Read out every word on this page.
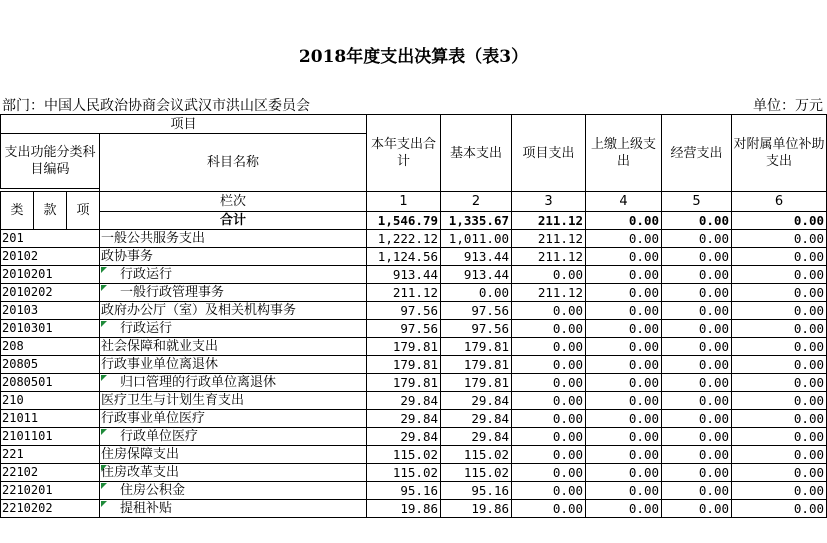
2018年度支出决算表（表3）
部门：中国人民政治协商会议武汉市洪山区委员会	单位：万元
项目				本年支出合计	基本支出	项目支出	上缴上级支出	经营支出	对附属单位补助支出
支出功能分类科目编码			科目名称						

类	款	项	栏次	1	2	3	4	5	6
			合计	1,546.79	1,335.67	211.12	0.00	0.00	0.00
201			一般公共服务支出	1,222.12	1,011.00	211.12	0.00	0.00	0.00
20102			政协事务	1,124.56	913.44	211.12	0.00	0.00	0.00
2010201			行政运行	913.44	913.44	0.00	0.00	0.00	0.00
2010202			一般行政管理事务	211.12	0.00	211.12	0.00	0.00	0.00
20103			政府办公厅（室）及相关机构事务	97.56	97.56	0.00	0.00	0.00	0.00
2010301			行政运行	97.56	97.56	0.00	0.00	0.00	0.00
208			社会保障和就业支出	179.81	179.81	0.00	0.00	0.00	0.00
20805			行政事业单位离退休	179.81	179.81	0.00	0.00	0.00	0.00
2080501			归口管理的行政单位离退休	179.81	179.81	0.00	0.00	0.00	0.00
210			医疗卫生与计划生育支出	29.84	29.84	0.00	0.00	0.00	0.00
21011			行政事业单位医疗	29.84	29.84	0.00	0.00	0.00	0.00
2101101			行政单位医疗	29.84	29.84	0.00	0.00	0.00	0.00
221			住房保障支出	115.02	115.02	0.00	0.00	0.00	0.00
22102			住房改革支出	115.02	115.02	0.00	0.00	0.00	0.00
2210201			住房公积金	95.16	95.16	0.00	0.00	0.00	0.00
2210202			提租补贴	19.86	19.86	0.00	0.00	0.00	0.00
